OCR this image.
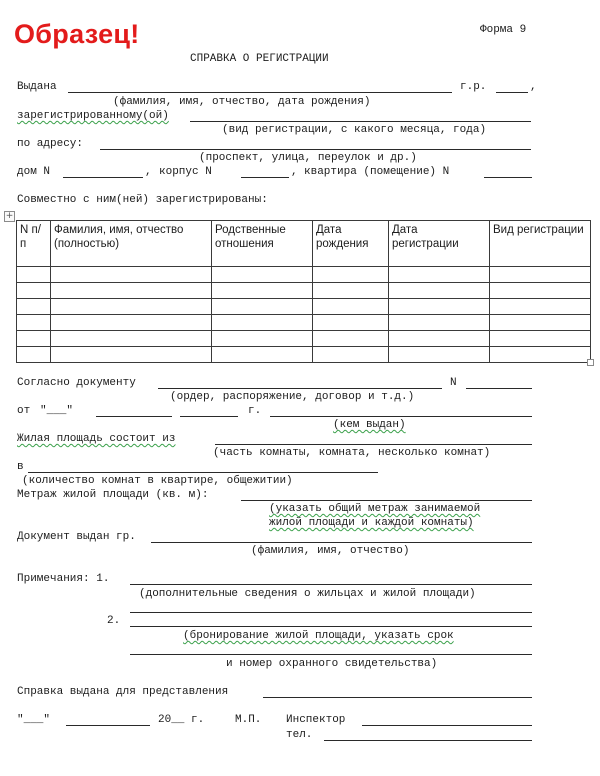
Образец!	Форма 9
СПРАВКА О РЕГИСТРАЦИИ
Выдана	г.р.	,
(фамилия, имя, отчество, дата рождения)
зарегистрированному(ой)
(вид регистрации, с какого месяца, года)
по адресу:
(проспект, улица, переулок и др.)
дом N	, корпус N	, квартира (помещение) N
Совместно с ним(ней) зарегистрированы:
+
N п/п	Фамилия, имя, отчество (полностью)	Родственные отношения	Дата рождения	Дата регистрации	Вид регистрации

Согласно документу	N
(ордер, распоряжение, договор и т.д.)
от "___"	г.
(кем выдан)
Жилая площадь состоит из
(часть комнаты, комната, несколько комнат)
в
(количество комнат в квартире, общежитии)
Метраж жилой площади (кв. м):
(указать общий метраж занимаемой
жилой площади и каждой комнаты)
Документ выдан гр.
(фамилия, имя, отчество)
Примечания: 1.
(дополнительные сведения о жильцах и жилой площади)
2.
(бронирование жилой площади, указать срок
и номер охранного свидетельства)
Справка выдана для представления
"___"	20__ г.	М.П. Инспектор
тел.
